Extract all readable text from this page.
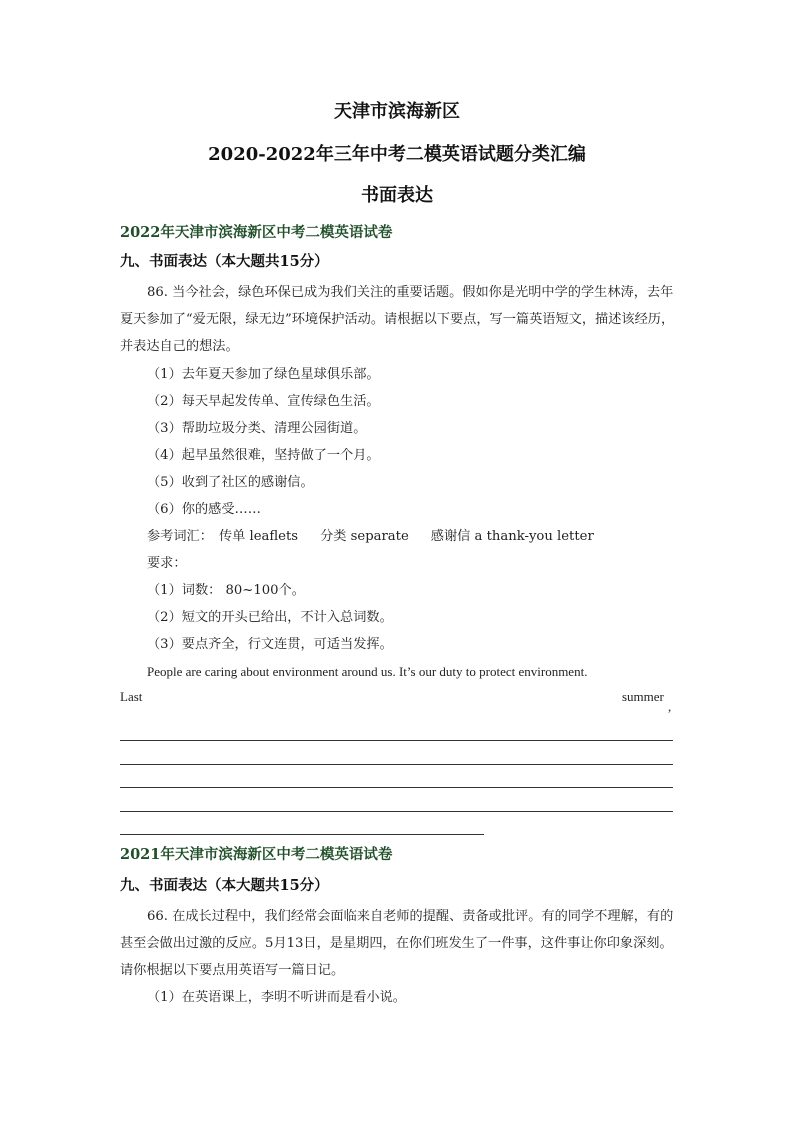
天津市滨海新区
2020-2022年三年中考二模英语试题分类汇编
书面表达
2022年天津市滨海新区中考二模英语试卷
九、书面表达（本大题共15分）
86. 当今社会，绿色环保已成为我们关注的重要话题。假如你是光明中学的学生林涛，去年夏天参加了“爱无限，绿无边”环境保护活动。请根据以下要点，写一篇英语短文，描述该经历，并表达自己的想法。
（1）去年夏天参加了绿色星球俱乐部。
（2）每天早起发传单、宣传绿色生活。
（3）帮助垃圾分类、清理公园街道。
（4）起早虽然很难，坚持做了一个月。
（5）收到了社区的感谢信。
（6）你的感受……
参考词汇： 传单 leaflets 分类 separate 感谢信 a thank-you letter
要求：
（1）词数： 80~100个。
（2）短文的开头已给出，不计入总词数。
（3）要点齐全，行文连贯，可适当发挥。
People are caring about environment around us. It’s our duty to protect environment.
Last	summer
,
2021年天津市滨海新区中考二模英语试卷
九、书面表达（本大题共15分）
66. 在成长过程中，我们经常会面临来自老师的提醒、责备或批评。有的同学不理解，有的甚至会做出过激的反应。5月13日，是星期四，在你们班发生了一件事，这件事让你印象深刻。请你根据以下要点用英语写一篇日记。
（1）在英语课上，李明不听讲而是看小说。
